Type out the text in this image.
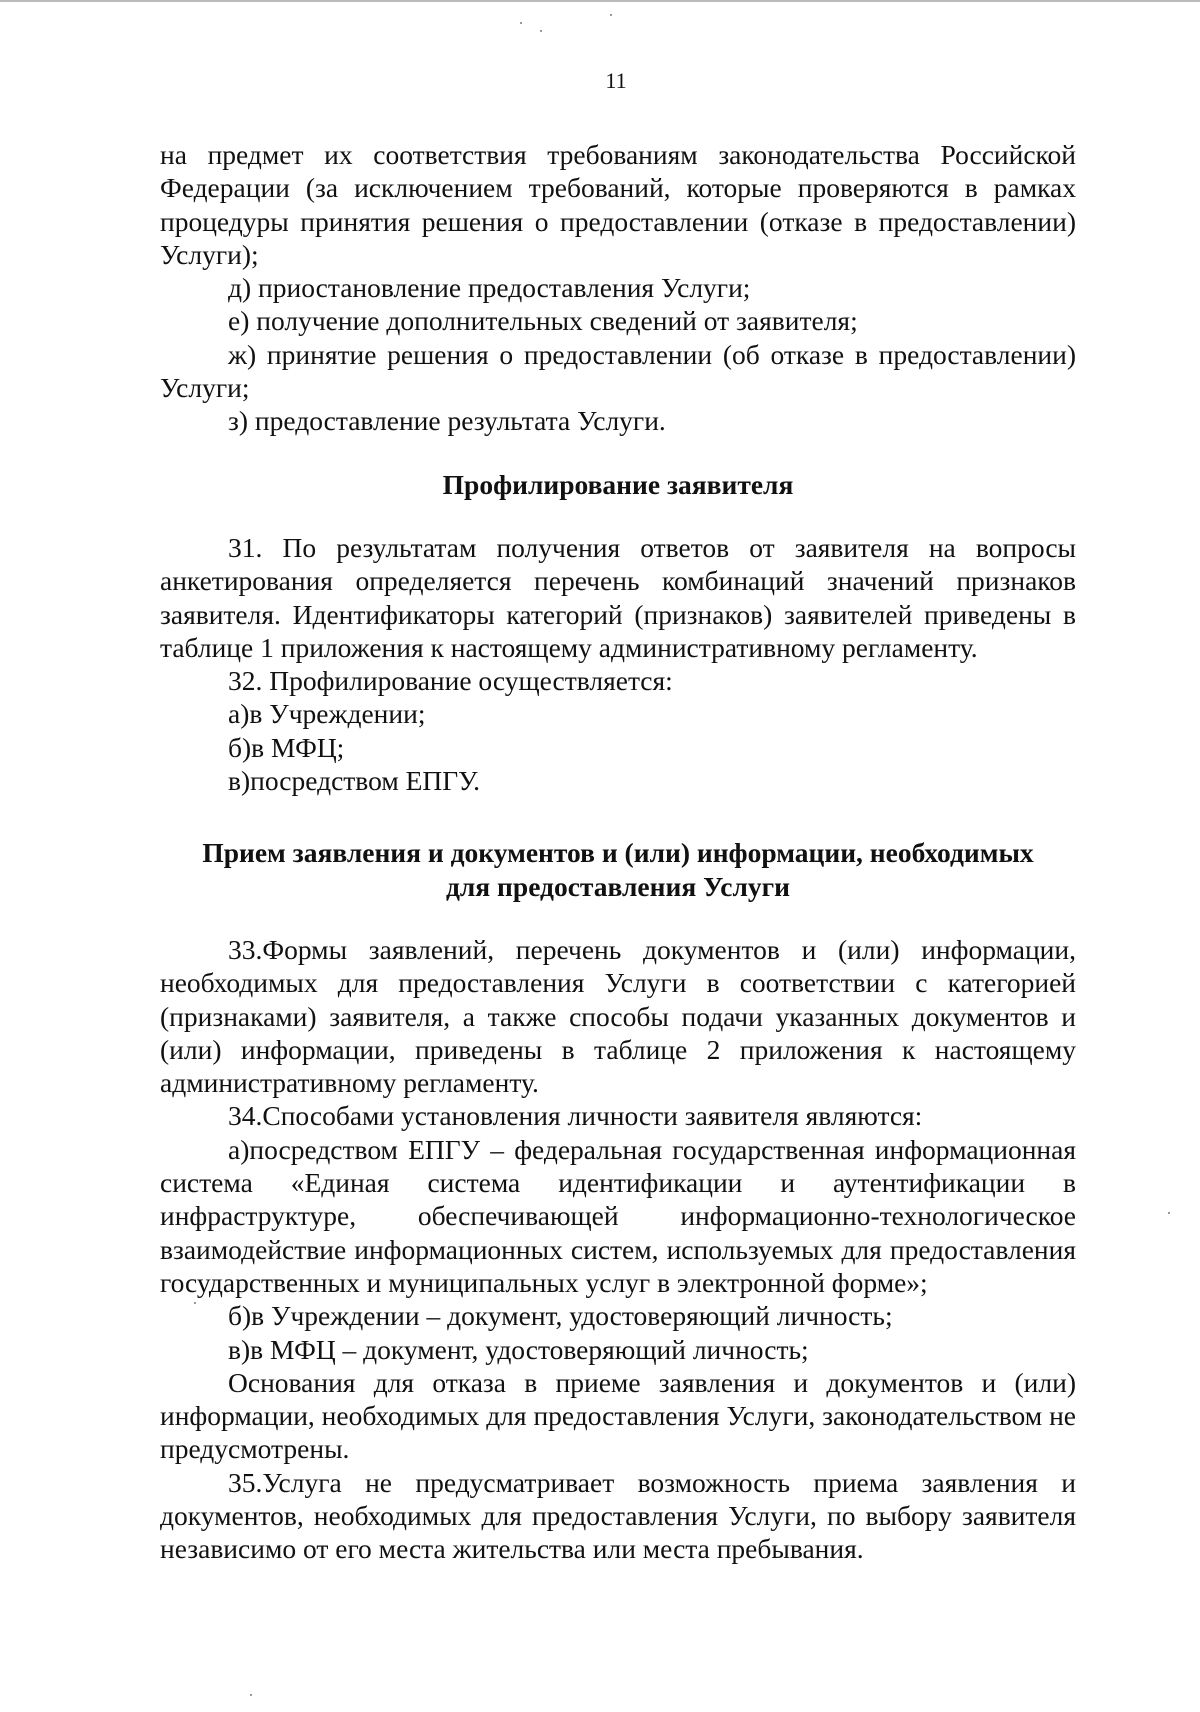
11

на предмет их соответствия требованиям законодательства Российской Федерации (за исключением требований, которые проверяются в рамках процедуры принятия решения о предоставлении (отказе в предоставлении) Услуги);

д) приостановление предоставления Услуги;

е) получение дополнительных сведений от заявителя;

ж) принятие решения о предоставлении (об отказе в предоставлении) Услуги;

з) предоставление результата Услуги.

Профилирование заявителя

31. По результатам получения ответов от заявителя на вопросы анкетирования определяется перечень комбинаций значений признаков заявителя. Идентификаторы категорий (признаков) заявителей приведены в таблице 1 приложения к настоящему административному регламенту.

32. Профилирование осуществляется:

а)в Учреждении;

б)в МФЦ;

в)посредством ЕПГУ.

Прием заявления и документов и (или) информации, необходимых
для предоставления Услуги

33.Формы заявлений, перечень документов и (или) информации, необходимых для предоставления Услуги в соответствии с категорией (признаками) заявителя, а также способы подачи указанных документов и (или) информации, приведены в таблице 2 приложения к настоящему административному регламенту.

34.Способами установления личности заявителя являются:

а)посредством ЕПГУ – федеральная государственная информационная система «Единая система идентификации и аутентификации в инфраструктуре, обеспечивающей информационно-технологическое взаимодействие информационных систем, используемых для предоставления государственных и муниципальных услуг в электронной форме»;

б)в Учреждении – документ, удостоверяющий личность;

в)в МФЦ – документ, удостоверяющий личность;

Основания для отказа в приеме заявления и документов и (или) информации, необходимых для предоставления Услуги, законодательством не предусмотрены.

35.Услуга не предусматривает возможность приема заявления и документов, необходимых для предоставления Услуги, по выбору заявителя независимо от его места жительства или места пребывания.
